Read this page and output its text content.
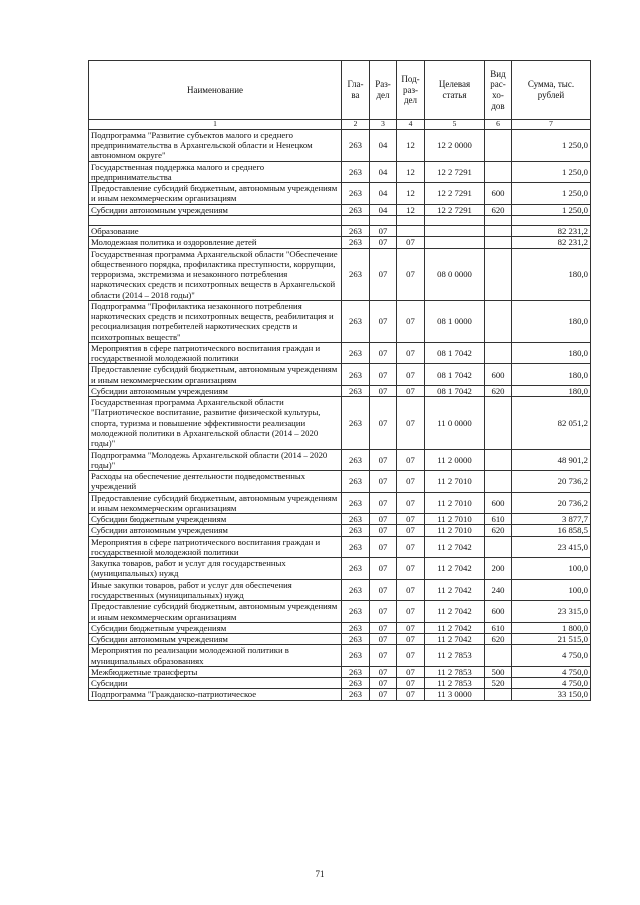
Наименование	Гла-ва	Раз-дел	Под-раз-дел	Целевая статья	Вид рас-хо-дов	Сумма, тыс. рублей
1	2	3	4	5	6	7
Подпрограмма "Развитие субъектов малого и среднего предпринимательства в Архангельской области и Ненецком автономном округе"	263	04	12	12 2 0000		1 250,0
Государственная поддержка малого и среднего предпринимательства	263	04	12	12 2 7291		1 250,0
Предоставление субсидий бюджетным, автономным учреждениям и иным некоммерческим организациям	263	04	12	12 2 7291	600	1 250,0
Субсидии автономным учреждениям	263	04	12	12 2 7291	620	1 250,0

Образование	263	07				82 231,2
Молодежная политика и оздоровление детей	263	07	07			82 231,2
Государственная программа Архангельской области "Обеспечение общественного порядка, профилактика преступности, коррупции, терроризма, экстремизма и незаконного потребления наркотических средств и психотропных веществ в Архангельской области (2014 – 2018 годы)"	263	07	07	08 0 0000		180,0
Подпрограмма "Профилактика незаконного потребления наркотических средств и психотропных веществ, реабилитация и ресоциализация потребителей наркотических средств и психотропных веществ"	263	07	07	08 1 0000		180,0
Мероприятия в сфере патриотического воспитания граждан и государственной молодежной политики	263	07	07	08 1 7042		180,0
Предоставление субсидий бюджетным, автономным учреждениям и иным некоммерческим организациям	263	07	07	08 1 7042	600	180,0
Субсидии автономным учреждениям	263	07	07	08 1 7042	620	180,0
Государственная программа Архангельской области "Патриотическое воспитание, развитие физической культуры, спорта, туризма и повышение эффективности реализации молодежной политики в Архангельской области (2014 – 2020 годы)"	263	07	07	11 0 0000		82 051,2
Подпрограмма "Молодежь Архангельской области (2014 – 2020 годы)"	263	07	07	11 2 0000		48 901,2
Расходы на обеспечение деятельности подведомственных учреждений	263	07	07	11 2 7010		20 736,2
Предоставление субсидий бюджетным, автономным учреждениям и иным некоммерческим организациям	263	07	07	11 2 7010	600	20 736,2
Субсидии бюджетным учреждениям	263	07	07	11 2 7010	610	3 877,7
Субсидии автономным учреждениям	263	07	07	11 2 7010	620	16 858,5
Мероприятия в сфере патриотического воспитания граждан и государственной молодежной политики	263	07	07	11 2 7042		23 415,0
Закупка товаров, работ и услуг для государственных (муниципальных) нужд	263	07	07	11 2 7042	200	100,0
Иные закупки товаров, работ и услуг для обеспечения государственных (муниципальных) нужд	263	07	07	11 2 7042	240	100,0
Предоставление субсидий бюджетным, автономным учреждениям и иным некоммерческим организациям	263	07	07	11 2 7042	600	23 315,0
Субсидии бюджетным учреждениям	263	07	07	11 2 7042	610	1 800,0
Субсидии автономным учреждениям	263	07	07	11 2 7042	620	21 515,0
Мероприятия по реализации молодежной политики в муниципальных образованиях	263	07	07	11 2 7853		4 750,0
Межбюджетные трансферты	263	07	07	11 2 7853	500	4 750,0
Субсидии	263	07	07	11 2 7853	520	4 750,0
Подпрограмма "Гражданско-патриотическое	263	07	07	11 3 0000		33 150,0
71
